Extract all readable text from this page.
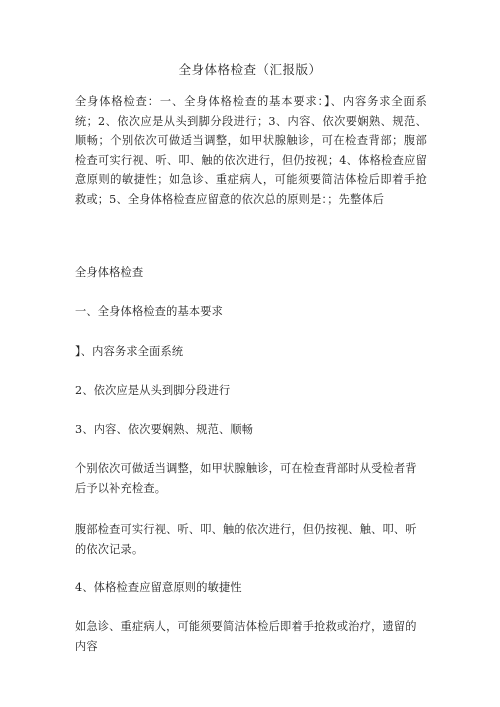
全身体格检查（汇报版）
全身体格检查：一、全身体格检查的基本要求：】、内容务求全面系统；2、依次应是从头到脚分段进行；3、内容、依次要娴熟、规范、顺畅；个别依次可做适当调整，如甲状腺触诊，可在检查背部；腹部检查可实行视、听、叩、触的依次进行，但仍按视；4、体格检查应留意原则的敏捷性；如急诊、重症病人，可能须要简洁体检后即着手抢救或；5、全身体格检查应留意的依次总的原则是：；先整体后
全身体格检查
一、全身体格检查的基本要求
】、内容务求全面系统
2、依次应是从头到脚分段进行
3、内容、依次要娴熟、规范、顺畅
个别依次可做适当调整，如甲状腺触诊，可在检查背部时从受检者背后予以补充检查。
腹部检查可实行视、听、叩、触的依次进行，但仍按视、触、叩、听的依次记录。
4、体格检查应留意原则的敏捷性
如急诊、重症病人，可能须要简洁体检后即着手抢救或治疗，遗留的内容
